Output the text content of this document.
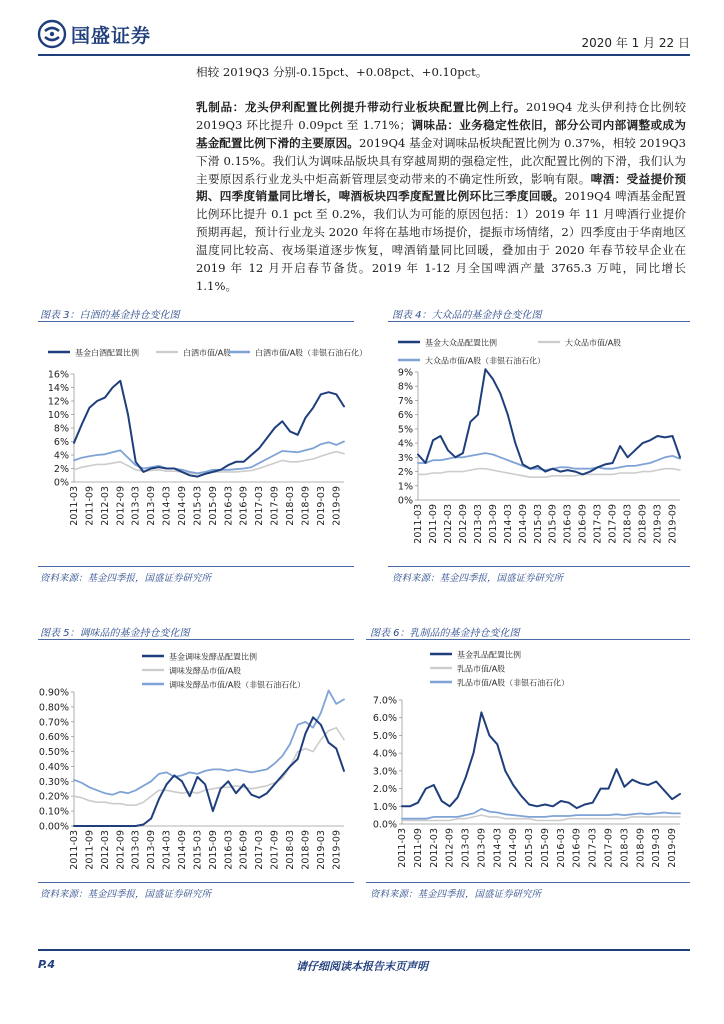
国盛证券	2020 年 1 月 22 日

相较 2019Q3 分别-0.15pct、+0.08pct、+0.10pct。

乳制品：龙头伊利配置比例提升带动行业板块配置比例上行。2019Q4 龙头伊利持仓比例较 2019Q3 环比提升 0.09pct 至 1.71%；调味品：业务稳定性依旧，部分公司内部调整或成为基金配置比例下滑的主要原因。2019Q4 基金对调味品板块配置比例为 0.37%，相较 2019Q3 下滑 0.15%。我们认为调味品版块具有穿越周期的强稳定性，此次配置比例的下滑，我们认为主要原因系行业龙头中炬高新管理层变动带来的不确定性所致，影响有限。啤酒：受益提价预期、四季度销量同比增长，啤酒板块四季度配置比例环比三季度回暖。2019Q4 啤酒基金配置比例环比提升 0.1 pct 至 0.2%，我们认为可能的原因包括：1）2019 年 11 月啤酒行业提价预期再起，预计行业龙头 2020 年将在基地市场提价，提振市场情绪，2）四季度由于华南地区温度同比较高、夜场渠道逐步恢复，啤酒销量同比回暖，叠加由于 2020 年春节较早企业在 2019 年 12 月开启春节备货。2019 年 1-12 月全国啤酒产量 3765.3 万吨，同比增长 1.1%。

图表 3：白酒的基金持仓变化图
0%
2%
4%
6%
8%
10%
12%
14%
16%
2011-03 2011-09 2012-03 2012-09 2013-03 2013-09 2014-03 2014-09 2015-03 2015-09 2016-03 2016-09 2017-03 2017-09 2018-03 2018-09 2019-03 2019-09
基金白酒配置比例	白酒市值/A股	白酒市值/A股（非银石油石化）
资料来源：基金四季报，国盛证券研究所
图表 4：大众品的基金持仓变化图
0%
1%
2%
3%
4%
5%
6%
7%
8%
9%
2011-03 2011-09 2012-03 2012-09 2013-03 2013-09 2014-03 2014-09 2015-03 2015-09 2016-03 2016-09 2017-03 2017-09 2018-03 2018-09 2019-03 2019-09
基金大众品配置比例	大众品市值/A股
大众品市值/A股（非银石油石化）
资料来源：基金四季报，国盛证券研究所
图表 5：调味品的基金持仓变化图
0.00%
0.10%
0.20%
0.30%
0.40%
0.50%
0.60%
0.70%
0.80%
0.90%
2011-03 2011-09 2012-03 2012-09 2013-03 2013-09 2014-03 2014-09 2015-03 2015-09 2016-03 2016-09 2017-03 2017-09 2018-03 2018-09 2019-03 2019-09
基金调味发酵品配置比例
调味发酵品市值/A股
调味发酵品市值/A股（非银石油石化）
资料来源：基金四季报，国盛证券研究所
图表 6：乳制品的基金持仓变化图
0.0%
1.0%
2.0%
3.0%
4.0%
5.0%
6.0%
7.0%
2011-03 2011-09 2012-03 2012-09 2013-03 2013-09 2014-03 2014-09 2015-03 2015-09 2016-03 2016-09 2017-03 2017-09 2018-03 2018-09 2019-03 2019-09
基金乳品配置比例
乳品市值/A股
乳品市值/A股（非银石油石化）
资料来源：基金四季报，国盛证券研究所
P.4	请仔细阅读本报告末页声明
